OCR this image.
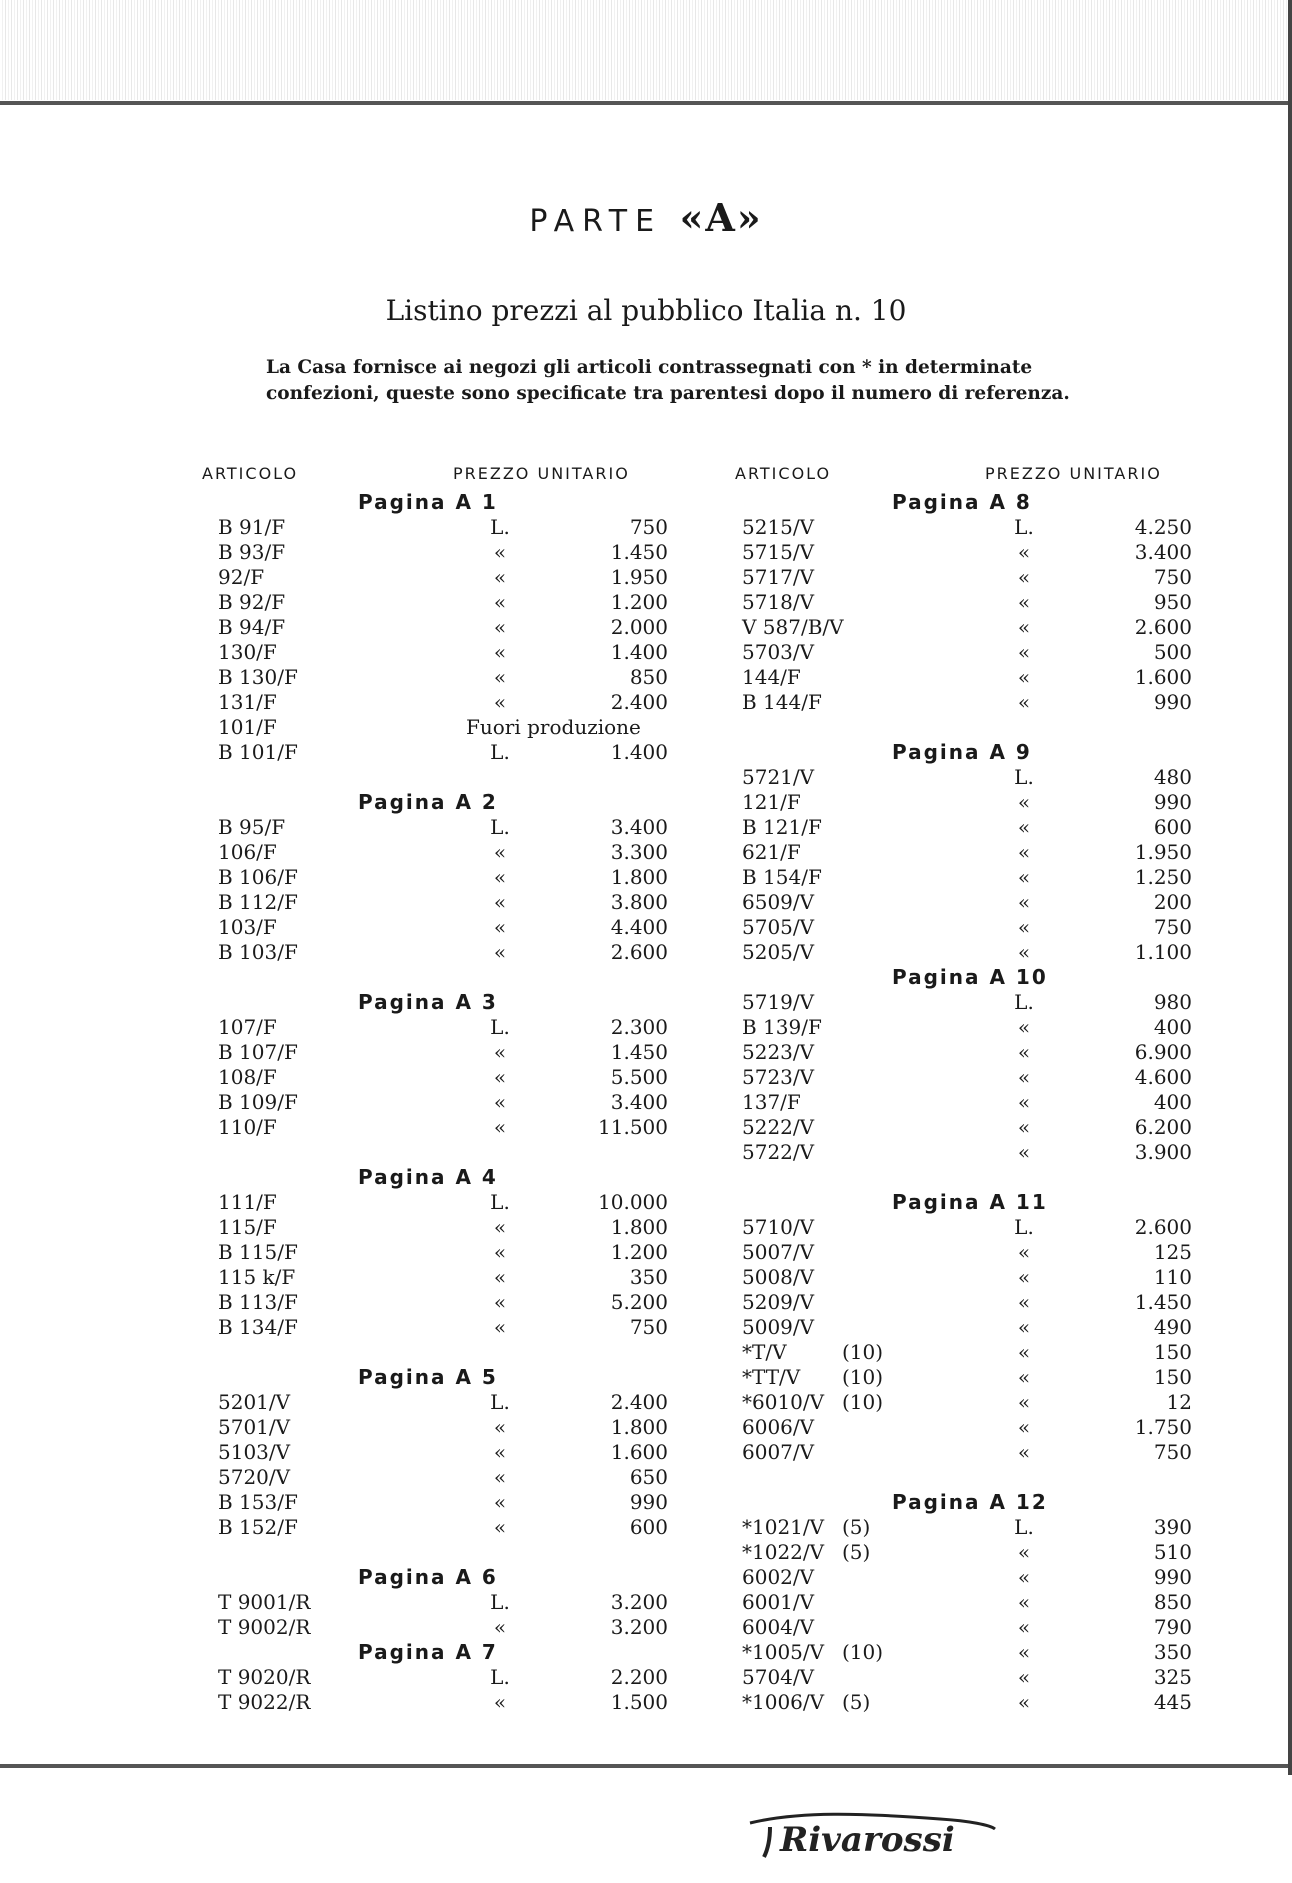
PARTE «A»
Listino prezzi al pubblico Italia n. 10
La Casa fornisce ai negozi gli articoli contrassegnati con * in determinate
confezioni, queste sono specificate tra parentesi dopo il numero di referenza.
ARTICOLO	PREZZO UNITARIO	ARTICOLO	PREZZO UNITARIO
Pagina A 1
B 91/F	L.	750
B 93/F	«	1.450
92/F	«	1.950
B 92/F	«	1.200
B 94/F	«	2.000
130/F	«	1.400
B 130/F	«	850
131/F	«	2.400
101/F	Fuori produzione
B 101/F	L.	1.400
Pagina A 2
B 95/F	L.	3.400
106/F	«	3.300
B 106/F	«	1.800
B 112/F	«	3.800
103/F	«	4.400
B 103/F	«	2.600
Pagina A 3
107/F	L.	2.300
B 107/F	«	1.450
108/F	«	5.500
B 109/F	«	3.400
110/F	«	11.500
Pagina A 4
111/F	L.	10.000
115/F	«	1.800
B 115/F	«	1.200
115 k/F	«	350
B 113/F	«	5.200
B 134/F	«	750
Pagina A 5
5201/V	L.	2.400
5701/V	«	1.800
5103/V	«	1.600
5720/V	«	650
B 153/F	«	990
B 152/F	«	600
Pagina A 6
T 9001/R	L.	3.200
T 9002/R	«	3.200
Pagina A 7
T 9020/R	L.	2.200
T 9022/R	«	1.500
Pagina A 8
5215/V	L.	4.250
5715/V	«	3.400
5717/V	«	750
5718/V	«	950
V 587/B/V	«	2.600
5703/V	«	500
144/F	«	1.600
B 144/F	«	990
Pagina A 9
5721/V	L.	480
121/F	«	990
B 121/F	«	600
621/F	«	1.950
B 154/F	«	1.250
6509/V	«	200
5705/V	«	750
5205/V	«	1.100
Pagina A 10
5719/V	L.	980
B 139/F	«	400
5223/V	«	6.900
5723/V	«	4.600
137/F	«	400
5222/V	«	6.200
5722/V	«	3.900
Pagina A 11
5710/V	L.	2.600
5007/V	«	125
5008/V	«	110
5209/V	«	1.450
5009/V	«	490
*T/V	(10)	«	150
*TT/V (10)	«	150
*6010/V (10)	«	12
6006/V	«	1.750
6007/V	«	750
Pagina A 12
*1021/V (5)	L.	390
*1022/V (5)	«	510
6002/V	«	990
6001/V	«	850
6004/V	«	790
*1005/V (10)	«	350
5704/V	«	325
*1006/V (5)	«	445
Rivarossi
